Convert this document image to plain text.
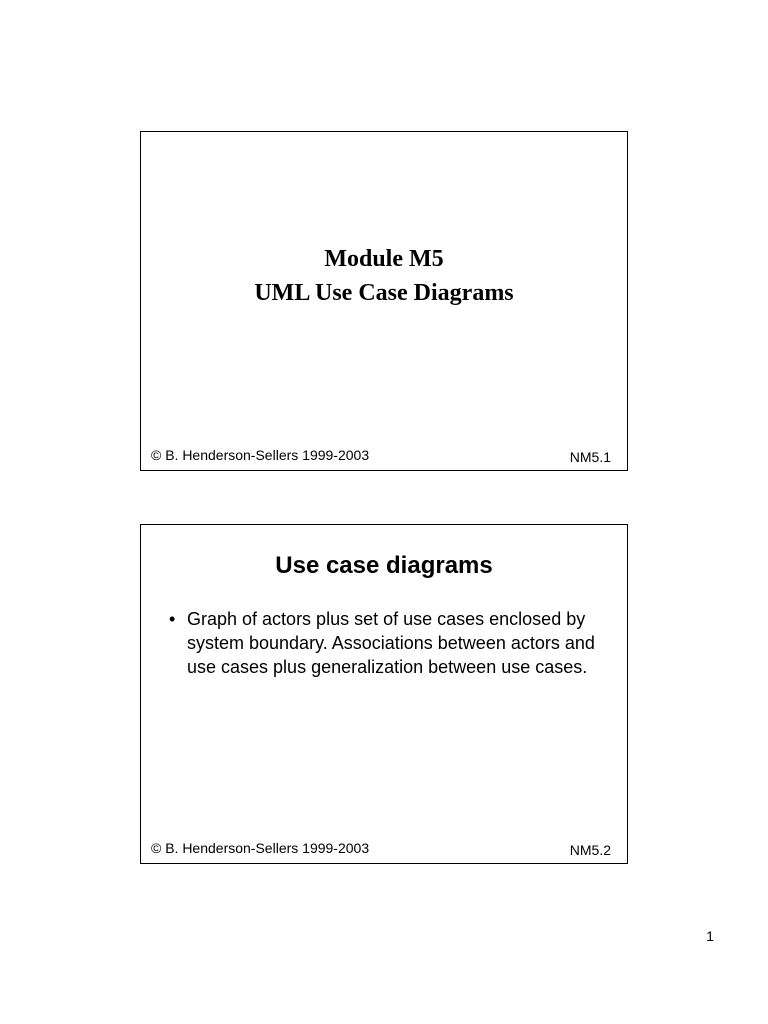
Module M5
UML Use Case Diagrams
© B. Henderson-Sellers 1999-2003	NM5.1
Use case diagrams
• Graph of actors plus set of use cases enclosed by system boundary. Associations between actors and use cases plus generalization between use cases.
© B. Henderson-Sellers 1999-2003	NM5.2
1
